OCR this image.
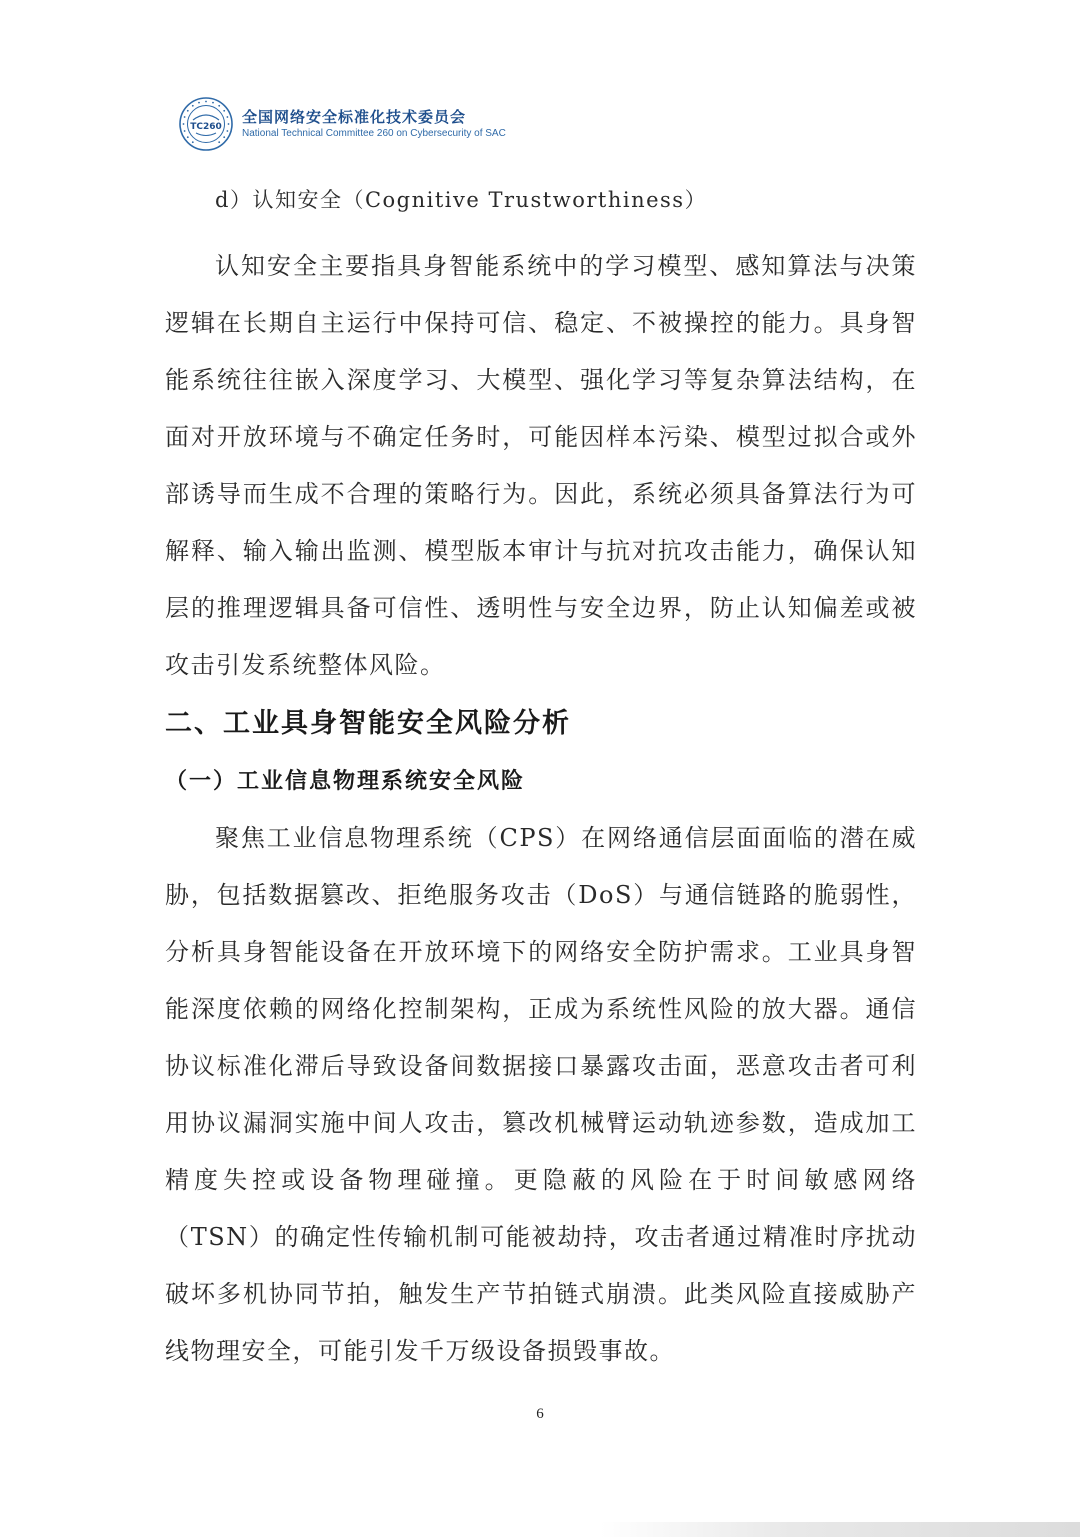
TC260
全国网络安全标准化技术委员会
National Technical Committee 260 on Cybersecurity of SAC

d）认知安全（Cognitive Trustworthiness）

认知安全主要指具身智能系统中的学习模型、感知算法与决策逻辑在长期自主运行中保持可信、稳定、不被操控的能力。具身智能系统往往嵌入深度学习、大模型、强化学习等复杂算法结构，在面对开放环境与不确定任务时，可能因样本污染、模型过拟合或外部诱导而生成不合理的策略行为。因此，系统必须具备算法行为可解释、输入输出监测、模型版本审计与抗对抗攻击能力，确保认知层的推理逻辑具备可信性、透明性与安全边界，防止认知偏差或被攻击引发系统整体风险。

二、工业具身智能安全风险分析
（一）工业信息物理系统安全风险

聚焦工业信息物理系统（CPS）在网络通信层面面临的潜在威胁，包括数据篡改、拒绝服务攻击（DoS）与通信链路的脆弱性，分析具身智能设备在开放环境下的网络安全防护需求。工业具身智能深度依赖的网络化控制架构，正成为系统性风险的放大器。通信协议标准化滞后导致设备间数据接口暴露攻击面，恶意攻击者可利用协议漏洞实施中间人攻击，篡改机械臂运动轨迹参数，造成加工精度失控或设备物理碰撞。更隐蔽的风险在于时间敏感网络（TSN）的确定性传输机制可能被劫持，攻击者通过精准时序扰动破坏多机协同节拍，触发生产节拍链式崩溃。此类风险直接威胁产线物理安全，可能引发千万级设备损毁事故。

6
